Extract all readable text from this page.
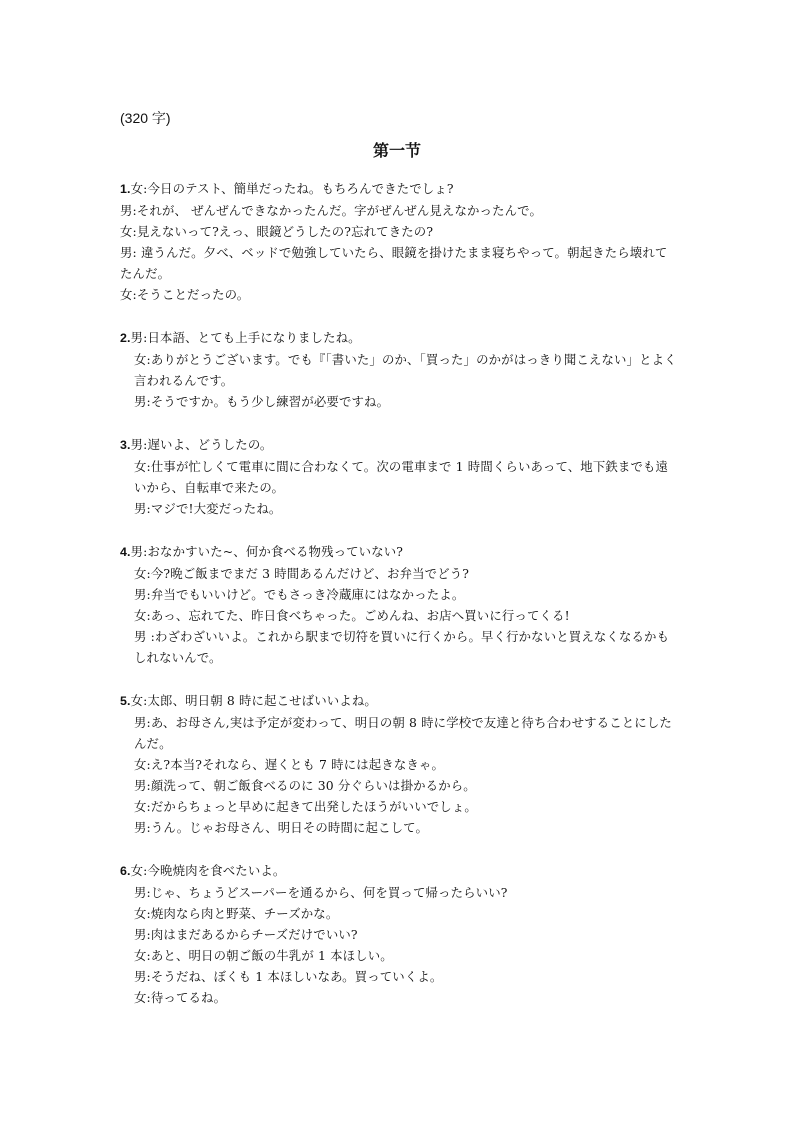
(320 字)
第一节
1.女:今日のテスト、簡単だったね。もちろんできたでしょ?
男:それが、 ぜんぜんできなかったんだ。字がぜんぜん見えなかったんで。
女:見えないって?えっ、眼鏡どうしたの?忘れてきたの?
男: 違うんだ。夕べ、ベッドで勉強していたら、眼鏡を掛けたまま寝ちやって。朝起きたら壊れてたんだ。
女:そうことだったの。
2.男:日本語、とても上手になりましたね。
女:ありがとうございます。でも『「書いた」のか、「買った」のかがはっきり聞こえない」とよく言われるんです。
男:そうですか。もう少し練習が必要ですね。
3.男:遅いよ、どうしたの。
女:仕事が忙しくて電車に間に合わなくて。次の電車まで 1 時間くらいあって、地下鉄までも遠いから、自転車で来たの。
男:マジで!大変だったね。
4.男:おなかすいた~、何か食べる物残っていない?
女:今?晩ご飯までまだ 3 時間あるんだけど、お弁当でどう?
男:弁当でもいいけど。でもさっき冷蔵庫にはなかったよ。
女:あっ、忘れてた、昨日食べちゃった。ごめんね、お店へ買いに行ってくる!
男 :わざわざいいよ。これから駅まで切符を買いに行くから。早く行かないと買えなくなるかもしれないんで。
5.女:太郎、明日朝 8 時に起こせばいいよね。
男:あ、お母さん,実は予定が変わって、明日の朝 8 時に学校で友達と待ち合わせすることにしたんだ。
女:え?本当?それなら、遅くとも 7 時には起きなきゃ。
男:顔洗って、朝ご飯食べるのに 30 分ぐらいは掛かるから。
女:だからちょっと早めに起きて出発したほうがいいでしょ。
男:うん。じゃお母さん、明日その時間に起こして。
6.女:今晩焼肉を食べたいよ。
男:じゃ、ちょうどスーパーを通るから、何を買って帰ったらいい?
女:焼肉なら肉と野菜、チーズかな。
男:肉はまだあるからチーズだけでいい?
女:あと、明日の朝ご飯の牛乳が 1 本ほしい。
男:そうだね、ぼくも 1 本ほしいなあ。買っていくよ。
女:待ってるね。
